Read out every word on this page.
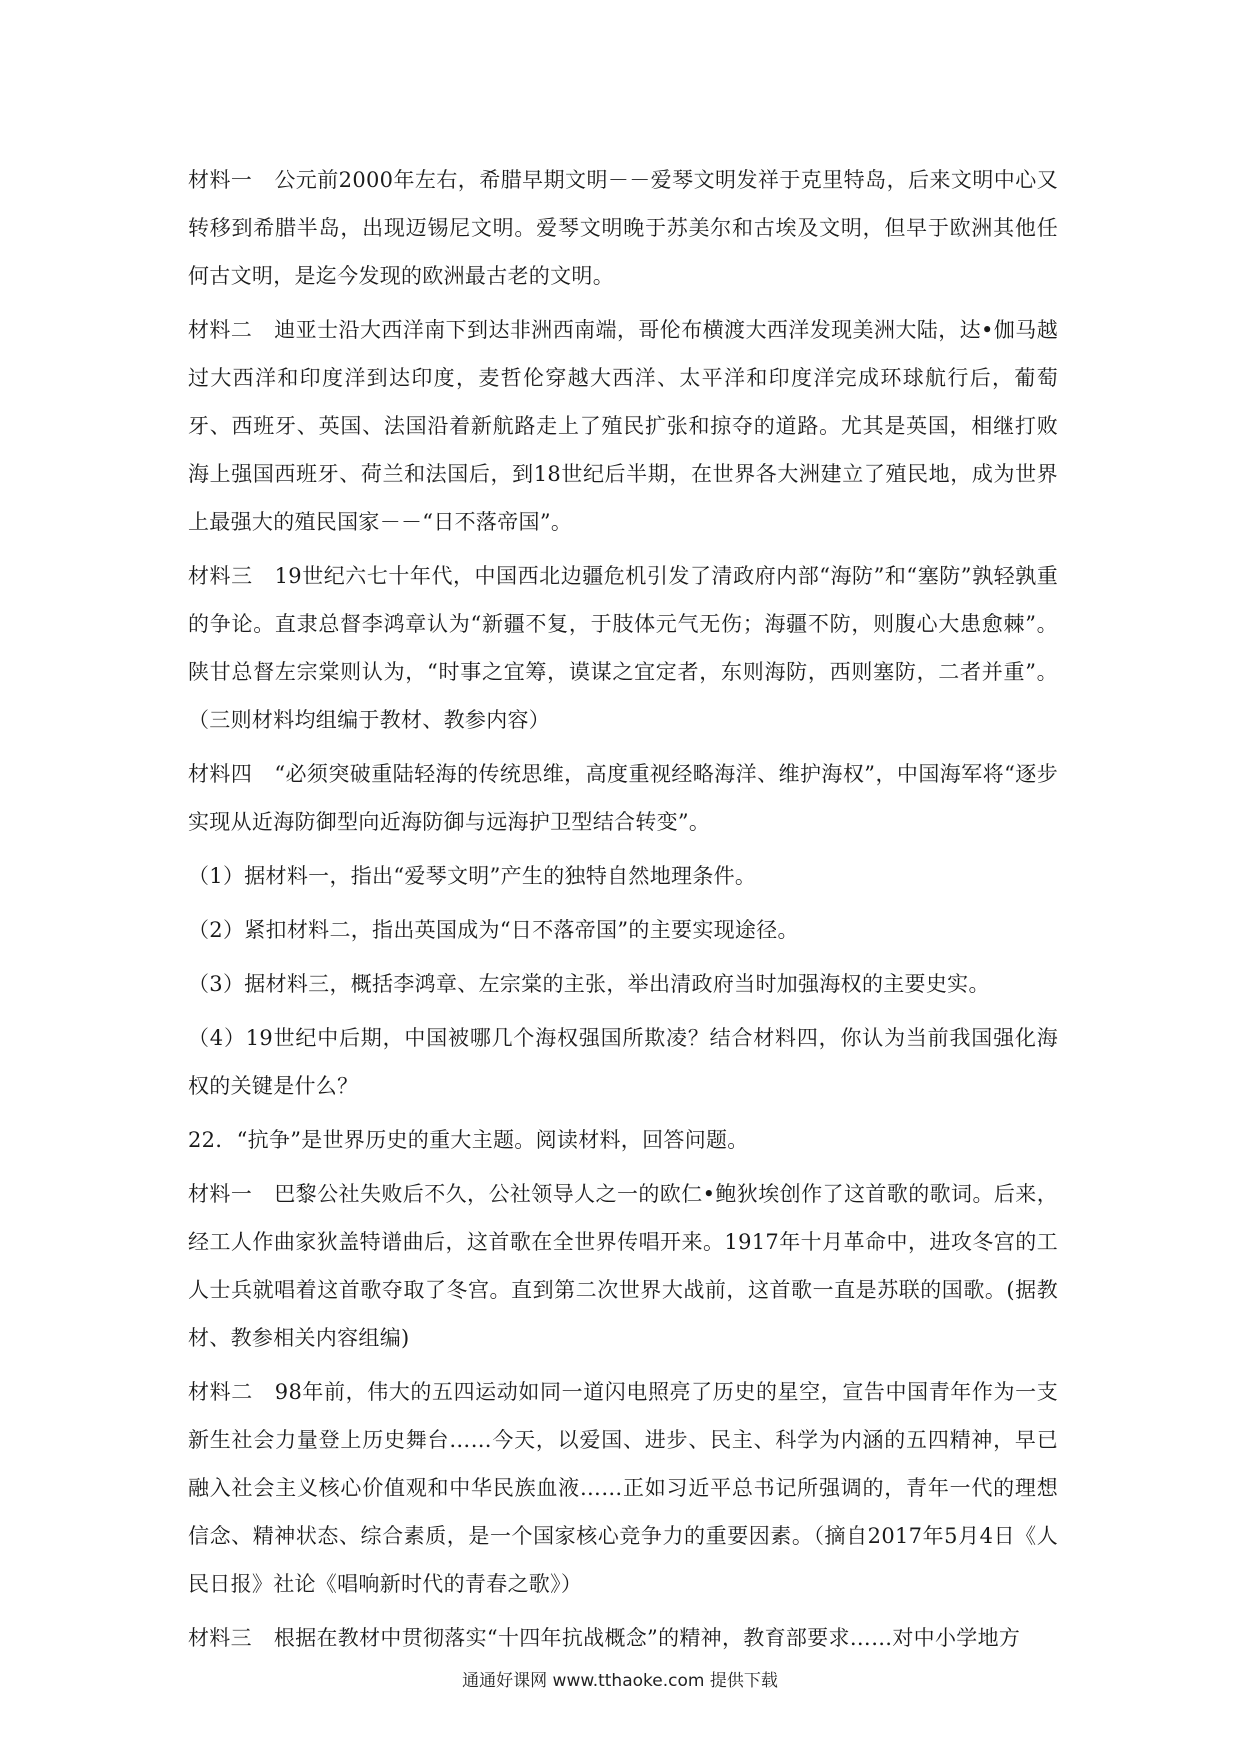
材料一 公元前2000年左右，希腊早期文明－－爱琴文明发祥于克里特岛，后来文明中心又转移到希腊半岛，出现迈锡尼文明。爱琴文明晚于苏美尔和古埃及文明，但早于欧洲其他任何古文明，是迄今发现的欧洲最古老的文明。

材料二 迪亚士沿大西洋南下到达非洲西南端，哥伦布横渡大西洋发现美洲大陆，达•伽马越过大西洋和印度洋到达印度，麦哲伦穿越大西洋、太平洋和印度洋完成环球航行后，葡萄牙、西班牙、英国、法国沿着新航路走上了殖民扩张和掠夺的道路。尤其是英国，相继打败海上强国西班牙、荷兰和法国后，到18世纪后半期，在世界各大洲建立了殖民地，成为世界上最强大的殖民国家－－“日不落帝国”。

材料三 19世纪六七十年代，中国西北边疆危机引发了清政府内部“海防”和“塞防”孰轻孰重的争论。直隶总督李鸿章认为“新疆不复，于肢体元气无伤；海疆不防，则腹心大患愈棘”。陕甘总督左宗棠则认为，“时事之宜筹，谟谋之宜定者，东则海防，西则塞防，二者并重”。（三则材料均组编于教材、教参内容）

材料四 “必须突破重陆轻海的传统思维，高度重视经略海洋、维护海权”，中国海军将“逐步实现从近海防御型向近海防御与远海护卫型结合转变”。

（1）据材料一，指出“爱琴文明”产生的独特自然地理条件。

（2）紧扣材料二，指出英国成为“日不落帝国”的主要实现途径。

（3）据材料三，概括李鸿章、左宗棠的主张，举出清政府当时加强海权的主要史实。

（4）19世纪中后期，中国被哪几个海权强国所欺凌？结合材料四，你认为当前我国强化海权的关键是什么？

22．“抗争”是世界历史的重大主题。阅读材料，回答问题。

材料一 巴黎公社失败后不久，公社领导人之一的欧仁•鲍狄埃创作了这首歌的歌词。后来，经工人作曲家狄盖特谱曲后，这首歌在全世界传唱开来。1917年十月革命中，进攻冬宫的工人士兵就唱着这首歌夺取了冬宫。直到第二次世界大战前，这首歌一直是苏联的国歌。(据教材、教参相关内容组编)

材料二 98年前，伟大的五四运动如同一道闪电照亮了历史的星空，宣告中国青年作为一支新生社会力量登上历史舞台……今天，以爱国、进步、民主、科学为内涵的五四精神，早已融入社会主义核心价值观和中华民族血液……正如习近平总书记所强调的，青年一代的理想信念、精神状态、综合素质，是一个国家核心竞争力的重要因素。（摘自2017年5月4日《人民日报》社论《唱响新时代的青春之歌》）

材料三 根据在教材中贯彻落实“十四年抗战概念”的精神，教育部要求……对中小学地方

通通好课网 www.tthaoke.com 提供下载
